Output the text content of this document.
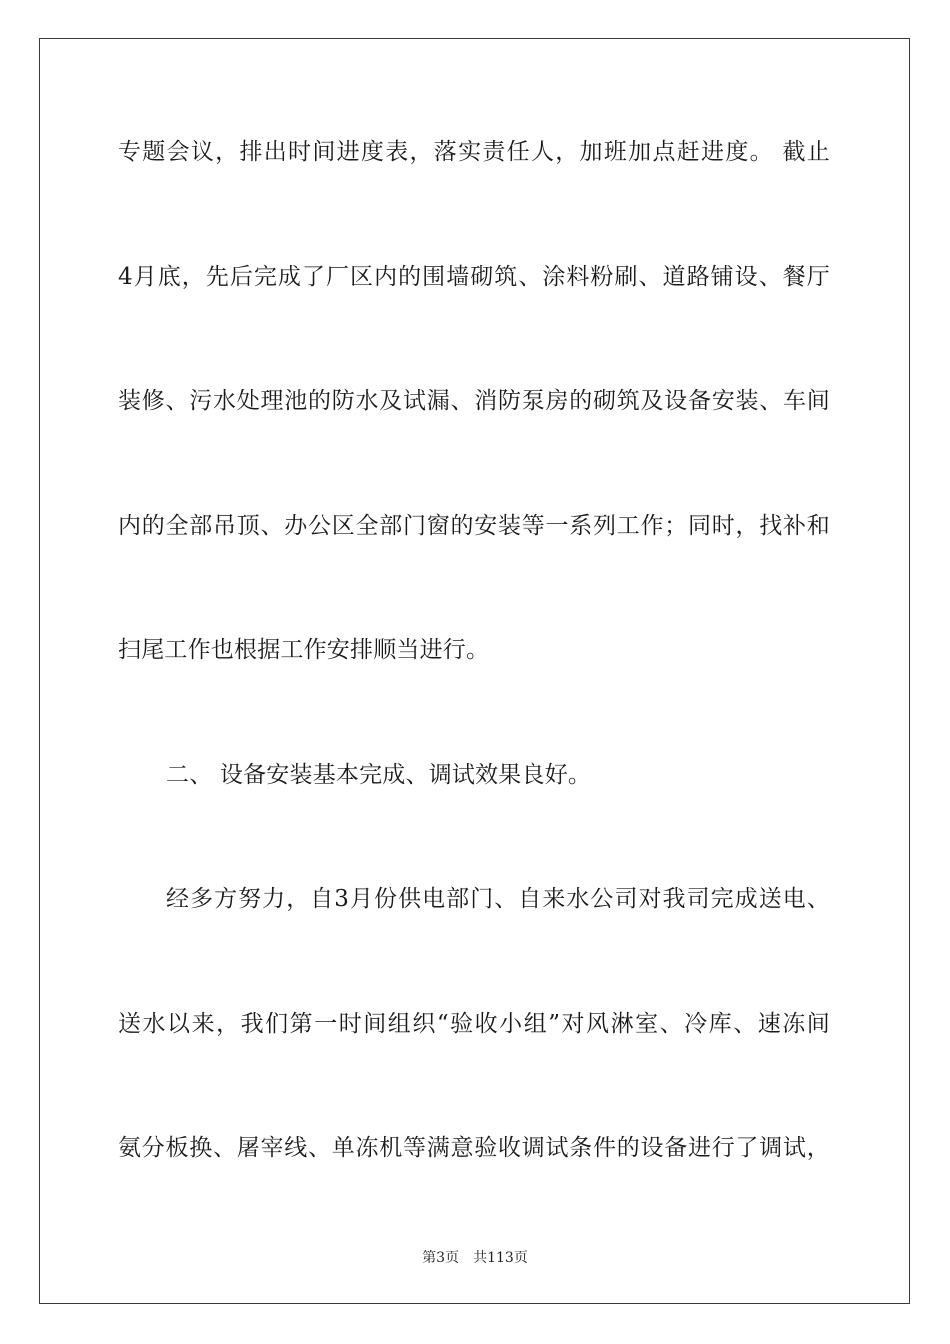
专题会议，排出时间进度表，落实责任人，加班加点赶进度。 截止
4月底，先后完成了厂区内的围墙砌筑、涂料粉刷、道路铺设、餐厅
装修、污水处理池的防水及试漏、消防泵房的砌筑及设备安装、车间
内的全部吊顶、办公区全部门窗的安装等一系列工作；同时，找补和
扫尾工作也根据工作安排顺当进行。
二、 设备安装基本完成、调试效果良好。
经多方努力，自3月份供电部门、自来水公司对我司完成送电、
送水以来，我们第一时间组织“验收小组”对风淋室、冷库、速冻间
氨分板换、屠宰线、单冻机等满意验收调试条件的设备进行了调试，
第3页 共113页
